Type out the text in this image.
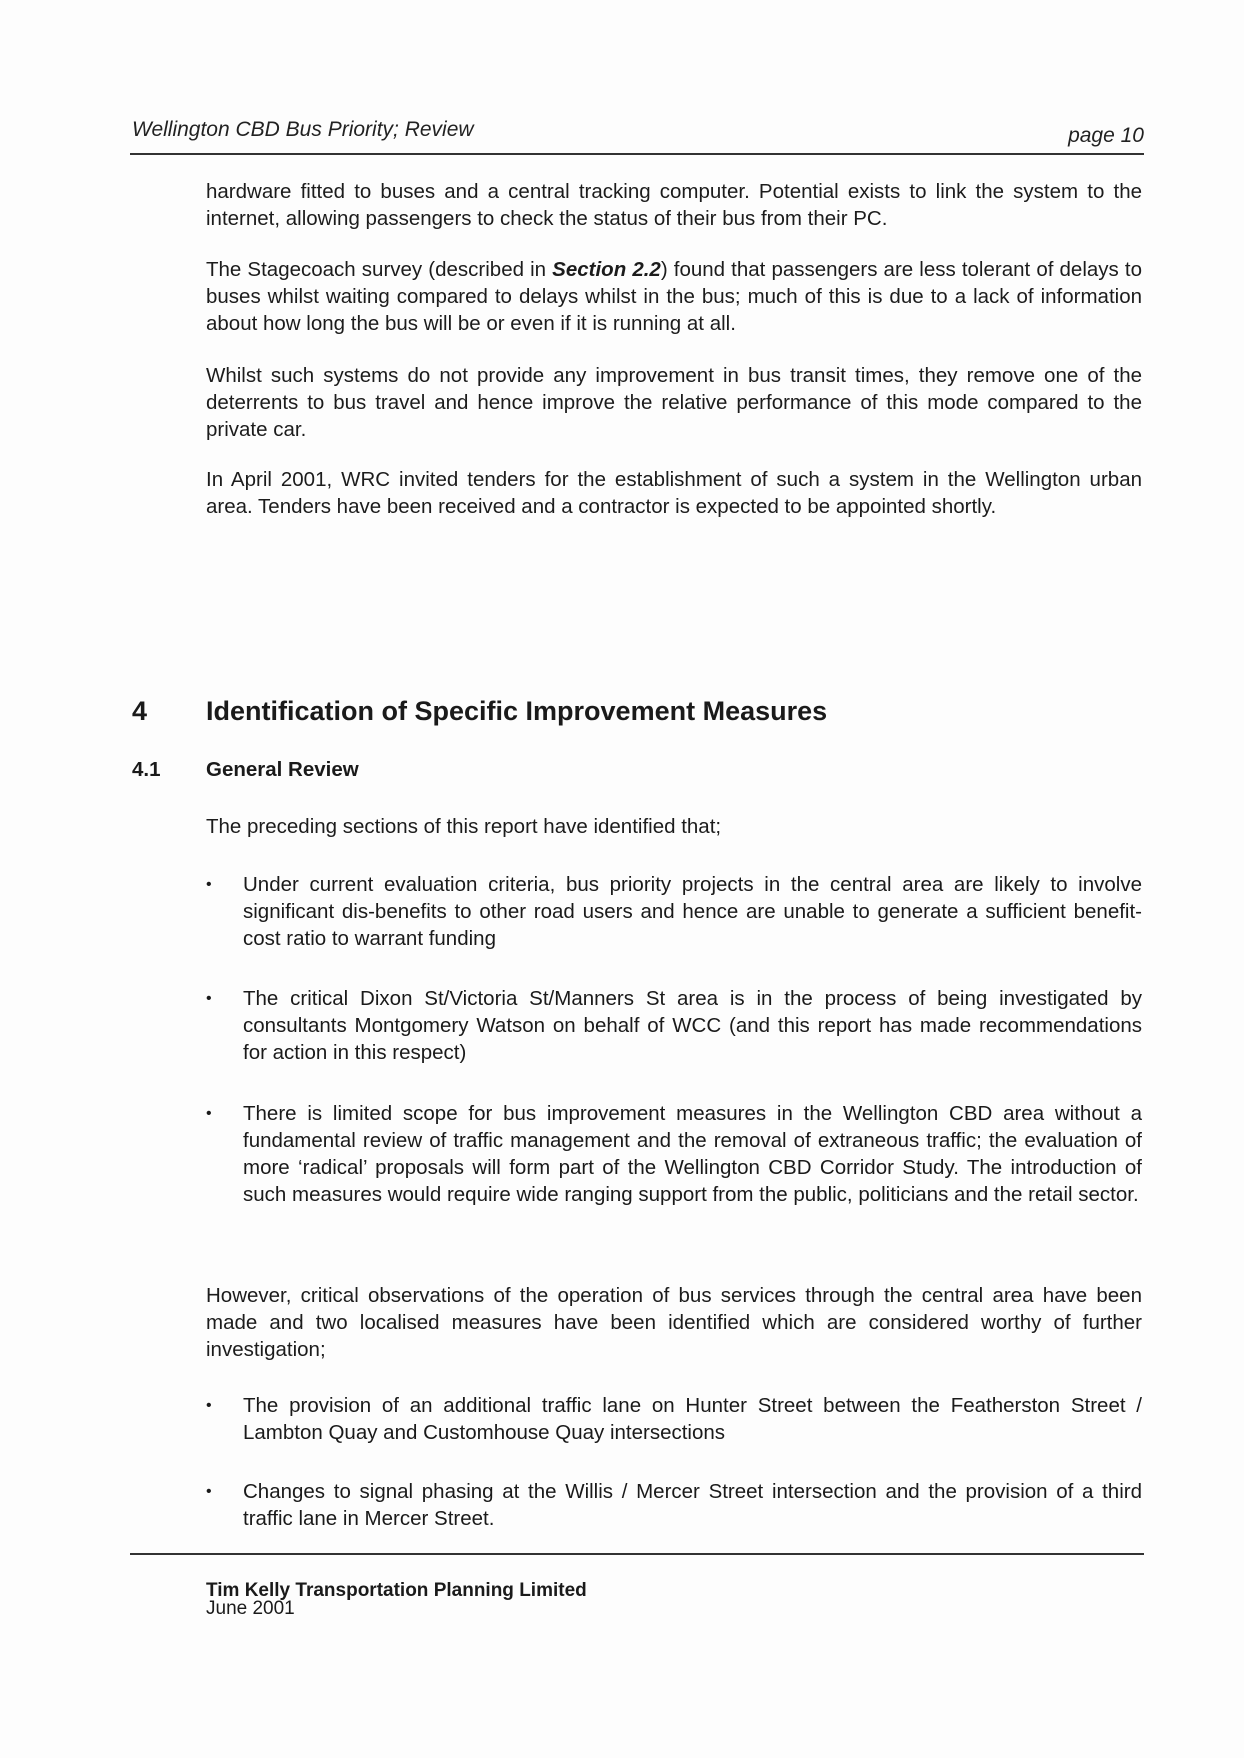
Wellington CBD Bus Priority; Review	page 10

hardware fitted to buses and a central tracking computer. Potential exists to link the system to the internet, allowing passengers to check the status of their bus from their PC.

The Stagecoach survey (described in Section 2.2) found that passengers are less tolerant of delays to buses whilst waiting compared to delays whilst in the bus; much of this is due to a lack of information about how long the bus will be or even if it is running at all.

Whilst such systems do not provide any improvement in bus transit times, they remove one of the deterrents to bus travel and hence improve the relative performance of this mode compared to the private car.

In April 2001, WRC invited tenders for the establishment of such a system in the Wellington urban area. Tenders have been received and a contractor is expected to be appointed shortly.

4 Identification of Specific Improvement Measures
4.1 General Review

The preceding sections of this report have identified that;

•	Under current evaluation criteria, bus priority projects in the central area are likely to involve significant dis-benefits to other road users and hence are unable to generate a sufficient benefit-cost ratio to warrant funding
•	The critical Dixon St/Victoria St/Manners St area is in the process of being investigated by consultants Montgomery Watson on behalf of WCC (and this report has made recommendations for action in this respect)
•	There is limited scope for bus improvement measures in the Wellington CBD area without a fundamental review of traffic management and the removal of extraneous traffic; the evaluation of more ‘radical’ proposals will form part of the Wellington CBD Corridor Study. The introduction of such measures would require wide ranging support from the public, politicians and the retail sector.

However, critical observations of the operation of bus services through the central area have been made and two localised measures have been identified which are considered worthy of further investigation;

•	The provision of an additional traffic lane on Hunter Street between the Featherston Street / Lambton Quay and Customhouse Quay intersections
•	Changes to signal phasing at the Willis / Mercer Street intersection and the provision of a third traffic lane in Mercer Street.
Tim Kelly Transportation Planning Limited
June 2001
